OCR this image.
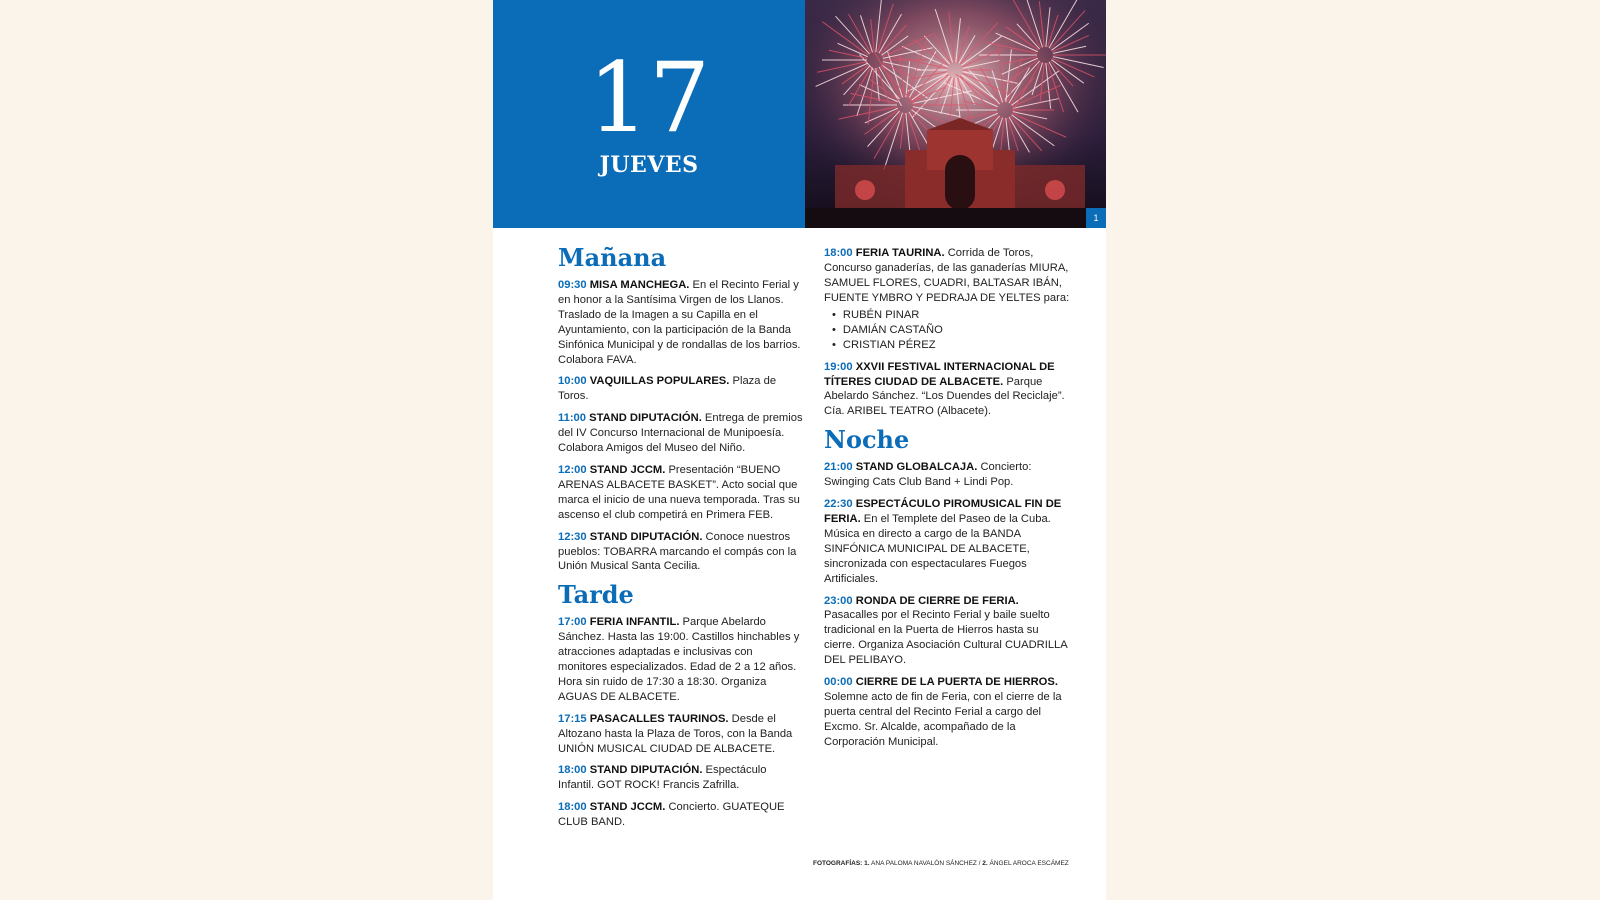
17
JUEVES
1
Mañana
09:30 MISA MANCHEGA. En el Recinto Ferial y en honor a la Santísima Virgen de los Llanos. Traslado de la Imagen a su Capilla en el Ayuntamiento, con la participación de la Banda Sinfónica Municipal y de rondallas de los barrios. Colabora FAVA.
10:00 VAQUILLAS POPULARES. Plaza de Toros.
11:00 STAND DIPUTACIÓN. Entrega de premios del IV Concurso Internacional de Munipoesía. Colabora Amigos del Museo del Niño.
12:00 STAND JCCM. Presentación “BUENO ARENAS ALBACETE BASKET”. Acto social que marca el inicio de una nueva temporada. Tras su ascenso el club competirá en Primera FEB.
12:30 STAND DIPUTACIÓN. Conoce nuestros pueblos: TOBARRA marcando el compás con la Unión Musical Santa Cecilia.
Tarde
17:00 FERIA INFANTIL. Parque Abelardo Sánchez. Hasta las 19:00. Castillos hinchables y atracciones adaptadas e inclusivas con monitores especializados. Edad de 2 a 12 años. Hora sin ruido de 17:30 a 18:30. Organiza AGUAS DE ALBACETE.
17:15 PASACALLES TAURINOS. Desde el Altozano hasta la Plaza de Toros, con la Banda UNIÓN MUSICAL CIUDAD DE ALBACETE.
18:00 STAND DIPUTACIÓN. Espectáculo Infantil. GOT ROCK! Francis Zafrilla.
18:00 STAND JCCM. Concierto. GUATEQUE CLUB BAND.
18:00 FERIA TAURINA. Corrida de Toros, Concurso ganaderías, de las ganaderías MIURA, SAMUEL FLORES, CUADRI, BALTASAR IBÁN, FUENTE YMBRO Y PEDRAJA DE YELTES para:
• RUBÉN PINAR
• DAMIÁN CASTAÑO
• CRISTIAN PÉREZ
19:00 XXVII FESTIVAL INTERNACIONAL DE TÍTERES CIUDAD DE ALBACETE. Parque Abelardo Sánchez. “Los Duendes del Reciclaje”. Cía. ARIBEL TEATRO (Albacete).
Noche
21:00 STAND GLOBALCAJA. Concierto: Swinging Cats Club Band + Lindi Pop.
22:30 ESPECTÁCULO PIROMUSICAL FIN DE FERIA. En el Templete del Paseo de la Cuba. Música en directo a cargo de la BANDA SINFÓNICA MUNICIPAL DE ALBACETE, sincronizada con espectaculares Fuegos Artificiales.
23:00 RONDA DE CIERRE DE FERIA. Pasacalles por el Recinto Ferial y baile suelto tradicional en la Puerta de Hierros hasta su cierre. Organiza Asociación Cultural CUADRILLA DEL PELIBAYO.
00:00 CIERRE DE LA PUERTA DE HIERROS. Solemne acto de fin de Feria, con el cierre de la puerta central del Recinto Ferial a cargo del Excmo. Sr. Alcalde, acompañado de la Corporación Municipal.
FOTOGRAFÍAS: 1. ANA PALOMA NAVALÓN SÁNCHEZ / 2. ÁNGEL AROCA ESCÁMEZ
